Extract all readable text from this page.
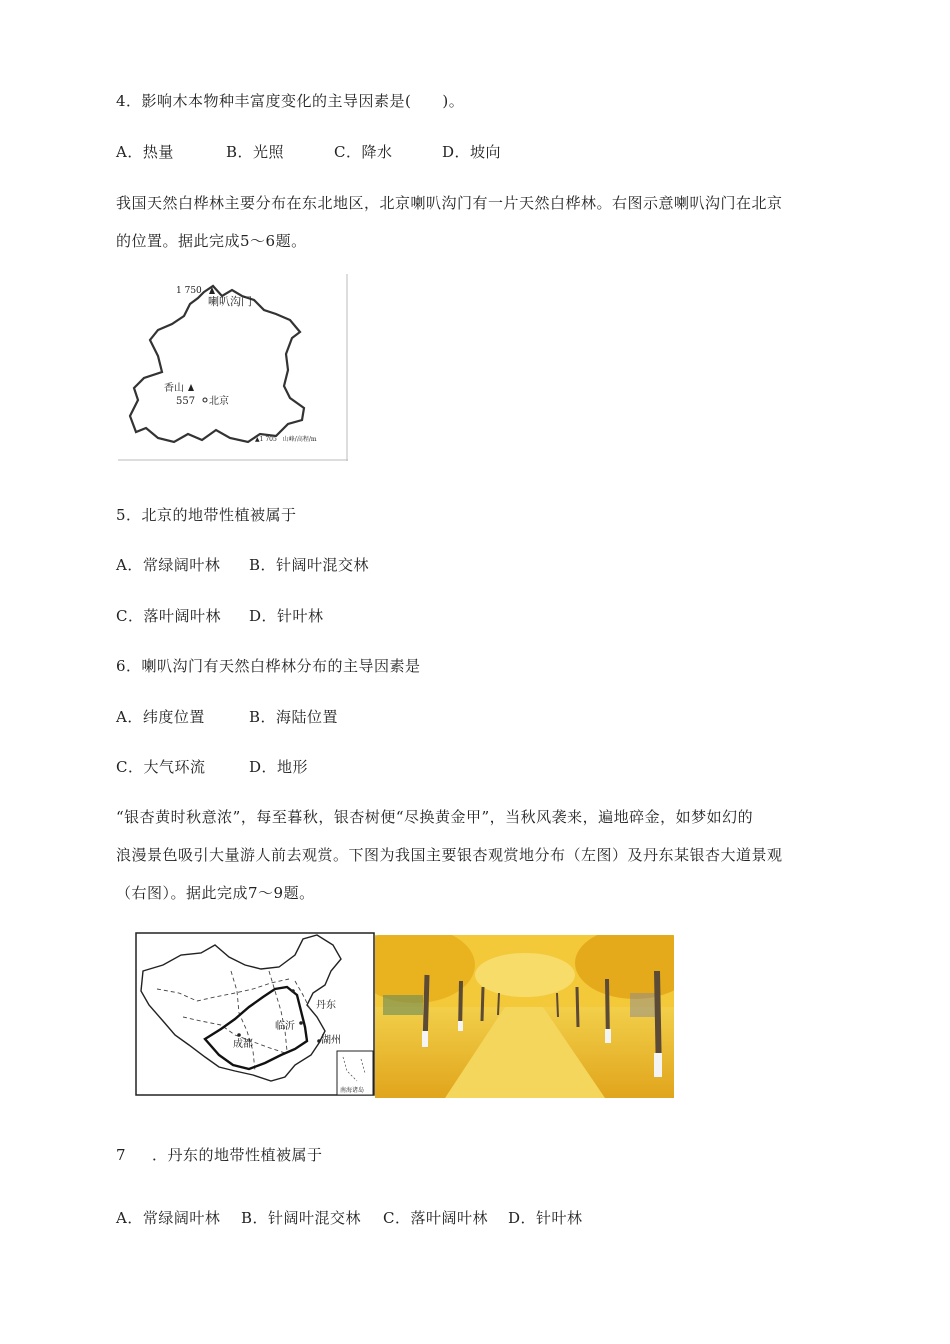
4．影响木本物种丰富度变化的主导因素是(　　)。
A．热量	B．光照	C．降水	D．坡向
我国天然白桦林主要分布在东北地区，北京喇叭沟门有一片天然白桦林。右图示意喇叭沟门在北京
的位置。据此完成5～6题。
1 750
喇叭沟门
香山
557 北京
▲1 705　山峰/高程/m
5．北京的地带性植被属于
A．常绿阔叶林 B．针阔叶混交林
C．落叶阔叶林 D．针叶林
6．喇叭沟门有天然白桦林分布的主导因素是
A．纬度位置	B．海陆位置
C．大气环流	D．地形
“银杏黄时秋意浓”，每至暮秋，银杏树便“尽换黄金甲”，当秋风袭来，遍地碎金，如梦如幻的
浪漫景色吸引大量游人前去观赏。下图为我国主要银杏观赏地分布（左图）及丹东某银杏大道景观
（右图）。据此完成7～9题。
丹东
临沂
成都	湖州
南海诸岛
7 ．丹东的地带性植被属于
A．常绿阔叶林 B．针阔叶混交林 C．落叶阔叶林 D．针叶林
